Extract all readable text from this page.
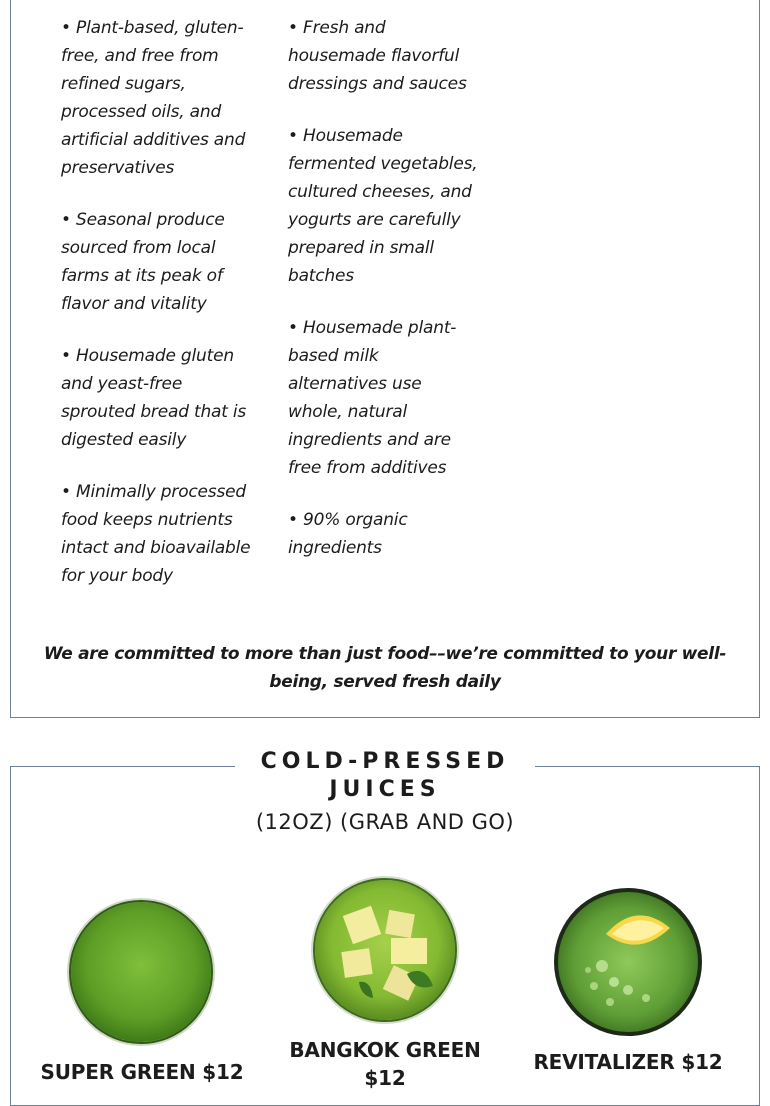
• Plant-based, gluten-free, and free from refined sugars, processed oils, and artificial additives and preservatives

• Seasonal produce sourced from local farms at its peak of flavor and vitality

• Housemade gluten and yeast-free sprouted bread that is digested easily

• Minimally processed food keeps nutrients intact and bioavailable for your body

• Fresh and housemade flavorful dressings and sauces

• Housemade fermented vegetables, cultured cheeses, and yogurts are carefully prepared in small batches

• Housemade plant-based milk alternatives use whole, natural ingredients and are free from additives

• 90% organic ingredients

We are committed to more than just food––we’re committed to your well-being, served fresh daily
COLD-PRESSED JUICES
(12OZ) (GRAB AND GO)
SUPER GREEN $12
BANGKOK GREEN $12
REVITALIZER $12
